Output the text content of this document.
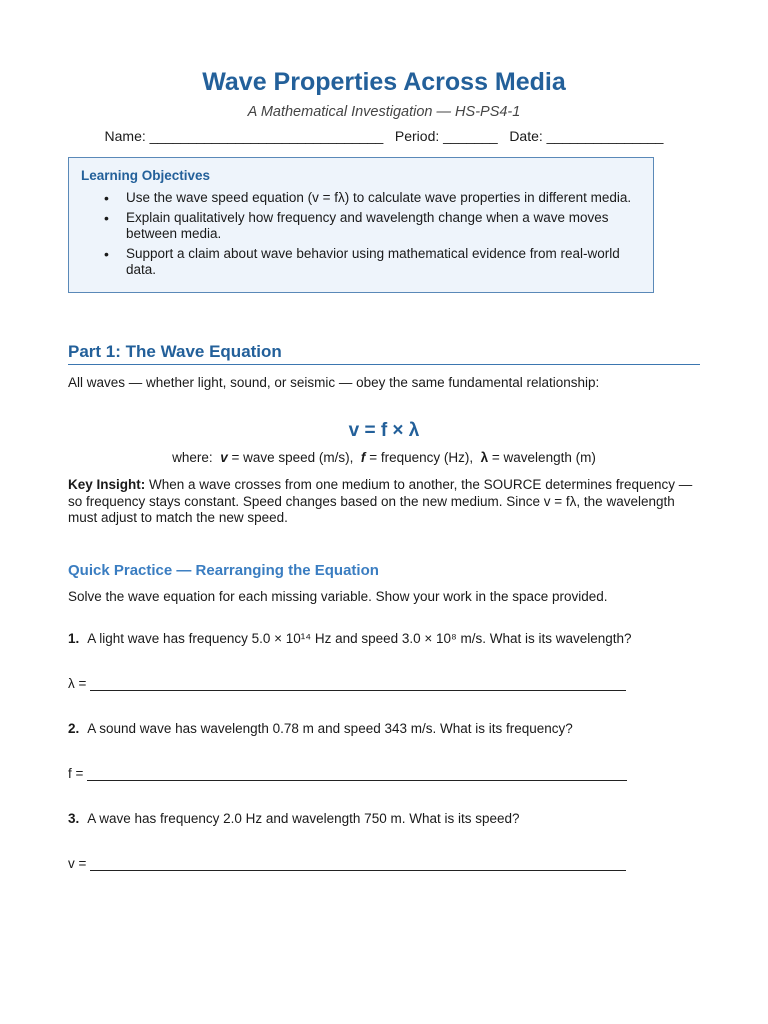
Wave Properties Across Media
A Mathematical Investigation — HS-PS4-1
Name: ______________________________   Period: _______   Date: _______________
Learning Objectives
• Use the wave speed equation (v = fλ) to calculate wave properties in different media.
• Explain qualitatively how frequency and wavelength change when a wave moves between media.
• Support a claim about wave behavior using mathematical evidence from real-world data.
Part 1: The Wave Equation
All waves — whether light, sound, or seismic — obey the same fundamental relationship:
v = f × λ
where: v = wave speed (m/s), f = frequency (Hz), λ = wavelength (m)
Key Insight: When a wave crosses from one medium to another, the SOURCE determines frequency — so frequency stays constant. Speed changes based on the new medium. Since v = fλ, the wavelength must adjust to match the new speed.
Quick Practice — Rearranging the Equation
Solve the wave equation for each missing variable. Show your work in the space provided.
1. A light wave has frequency 5.0 × 10¹⁴ Hz and speed 3.0 × 10⁸ m/s. What is its wavelength?
λ =
2. A sound wave has wavelength 0.78 m and speed 343 m/s. What is its frequency?
f =
3. A wave has frequency 2.0 Hz and wavelength 750 m. What is its speed?
v =
